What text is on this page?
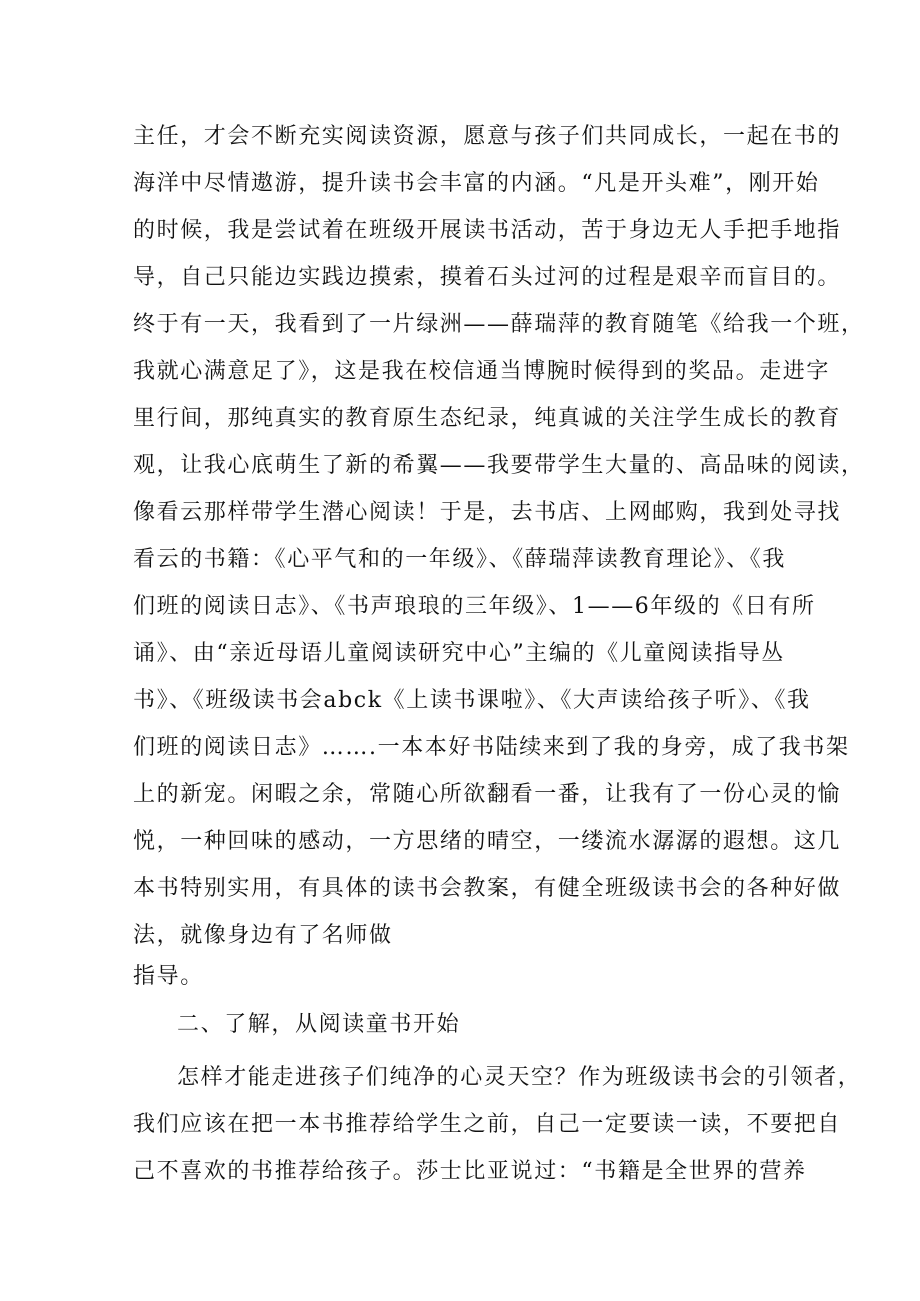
主任，才会不断充实阅读资源，愿意与孩子们共同成长，一起在书的
海洋中尽情遨游，提升读书会丰富的内涵。“凡是开头难”，刚开始
的时候，我是尝试着在班级开展读书活动，苦于身边无人手把手地指
导，自己只能边实践边摸索，摸着石头过河的过程是艰辛而盲目的。
终于有一天，我看到了一片绿洲——薛瑞萍的教育随笔《给我一个班，
我就心满意足了》，这是我在校信通当博腕时候得到的奖品。走进字
里行间，那纯真实的教育原生态纪录，纯真诚的关注学生成长的教育
观，让我心底萌生了新的希翼——我要带学生大量的、高品味的阅读，
像看云那样带学生潜心阅读！于是，去书店、上网邮购，我到处寻找
看云的书籍：《心平气和的一年级》、《薛瑞萍读教育理论》、《我
们班的阅读日志》、《书声琅琅的三年级》、1——6年级的《日有所
诵》、由“亲近母语儿童阅读研究中心”主编的《儿童阅读指导丛
书》、《班级读书会abck《上读书课啦》、《大声读给孩子听》、《我
们班的阅读日志》…….一本本好书陆续来到了我的身旁，成了我书架
上的新宠。闲暇之余，常随心所欲翻看一番，让我有了一份心灵的愉
悦，一种回味的感动，一方思绪的晴空，一缕流水潺潺的遐想。这几
本书特别实用，有具体的读书会教案，有健全班级读书会的各种好做
法，就像身边有了名师做
指导。
二、了解，从阅读童书开始
怎样才能走进孩子们纯净的心灵天空？作为班级读书会的引领者，
我们应该在把一本书推荐给学生之前，自己一定要读一读，不要把自
己不喜欢的书推荐给孩子。莎士比亚说过：“书籍是全世界的营养
